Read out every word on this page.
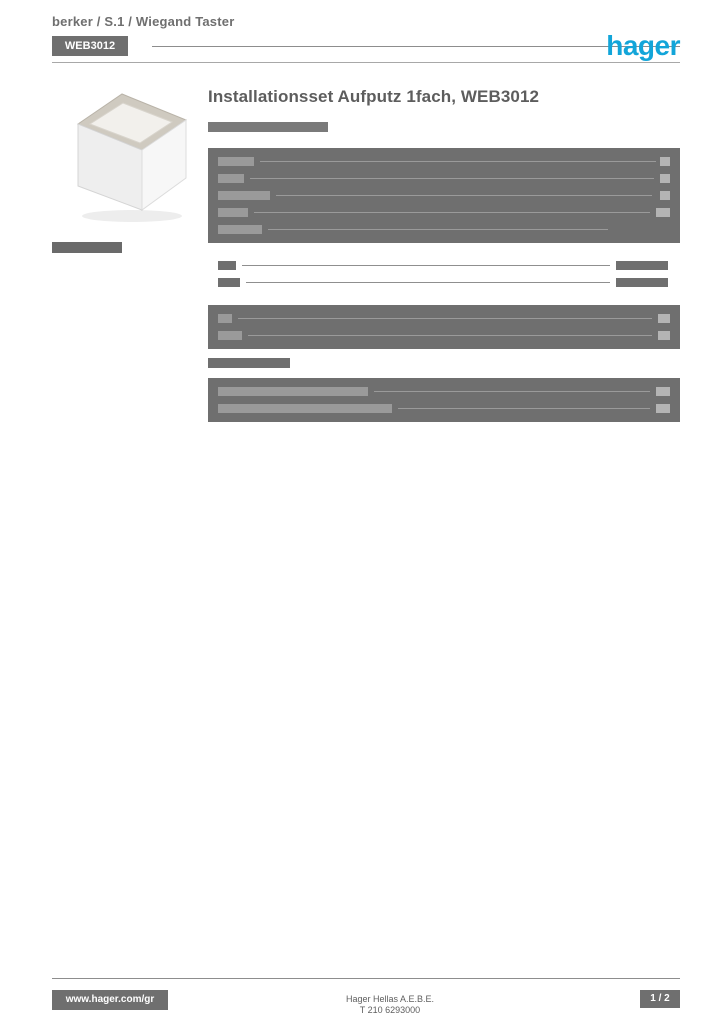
berker / S.1 / Wiegand Taster
WEB3012	hager
Installationsset Aufputz 1fach, WEB3012
www.hager.com/gr	Hager Hellas A.E.B.E.
T 210 6293000
1 / 2
